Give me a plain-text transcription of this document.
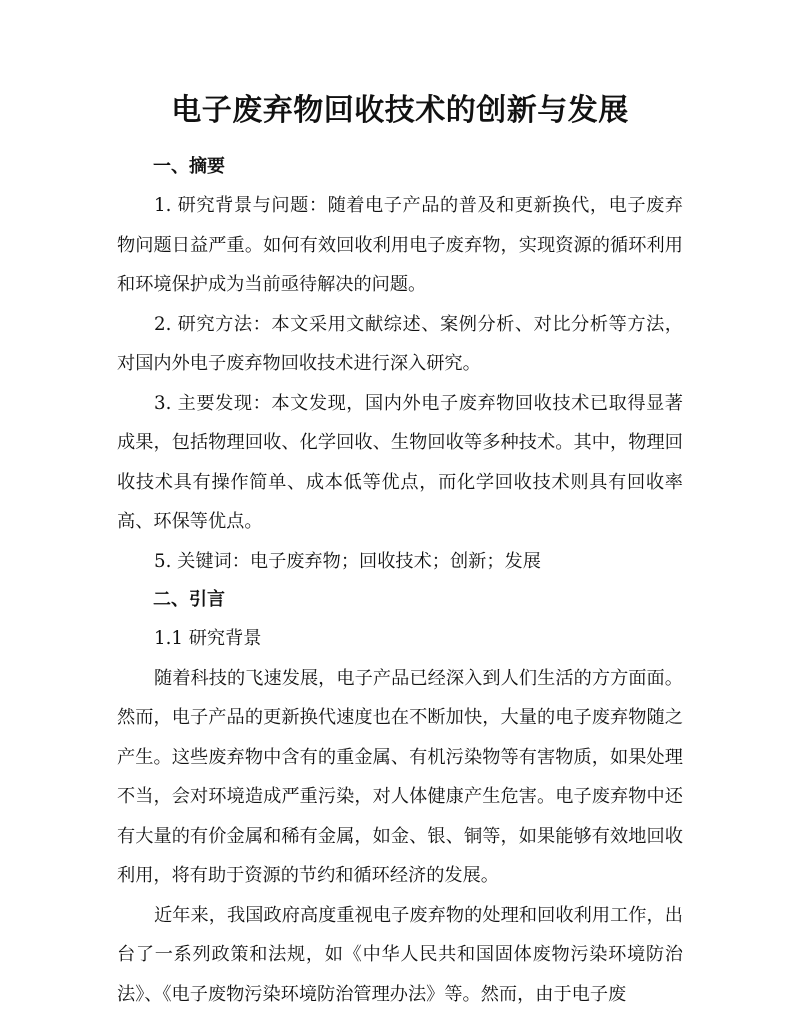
电子废弃物回收技术的创新与发展
一、摘要

1. 研究背景与问题：随着电子产品的普及和更新换代，电子废弃物问题日益严重。如何有效回收利用电子废弃物，实现资源的循环利用和环境保护成为当前亟待解决的问题。

2. 研究方法：本文采用文献综述、案例分析、对比分析等方法，对国内外电子废弃物回收技术进行深入研究。

3. 主要发现：本文发现，国内外电子废弃物回收技术已取得显著成果，包括物理回收、化学回收、生物回收等多种技术。其中，物理回收技术具有操作简单、成本低等优点，而化学回收技术则具有回收率高、环保等优点。

5. 关键词：电子废弃物；回收技术；创新；发展

二、引言

1.1 研究背景

随着科技的飞速发展，电子产品已经深入到人们生活的方方面面。然而，电子产品的更新换代速度也在不断加快，大量的电子废弃物随之产生。这些废弃物中含有的重金属、有机污染物等有害物质，如果处理不当，会对环境造成严重污染，对人体健康产生危害。电子废弃物中还有大量的有价金属和稀有金属，如金、银、铜等，如果能够有效地回收利用，将有助于资源的节约和循环经济的发展。

近年来，我国政府高度重视电子废弃物的处理和回收利用工作，出台了一系列政策和法规，如《中华人民共和国固体废物污染环境防治法》、《电子废物污染环境防治管理办法》等。然而，由于电子废
